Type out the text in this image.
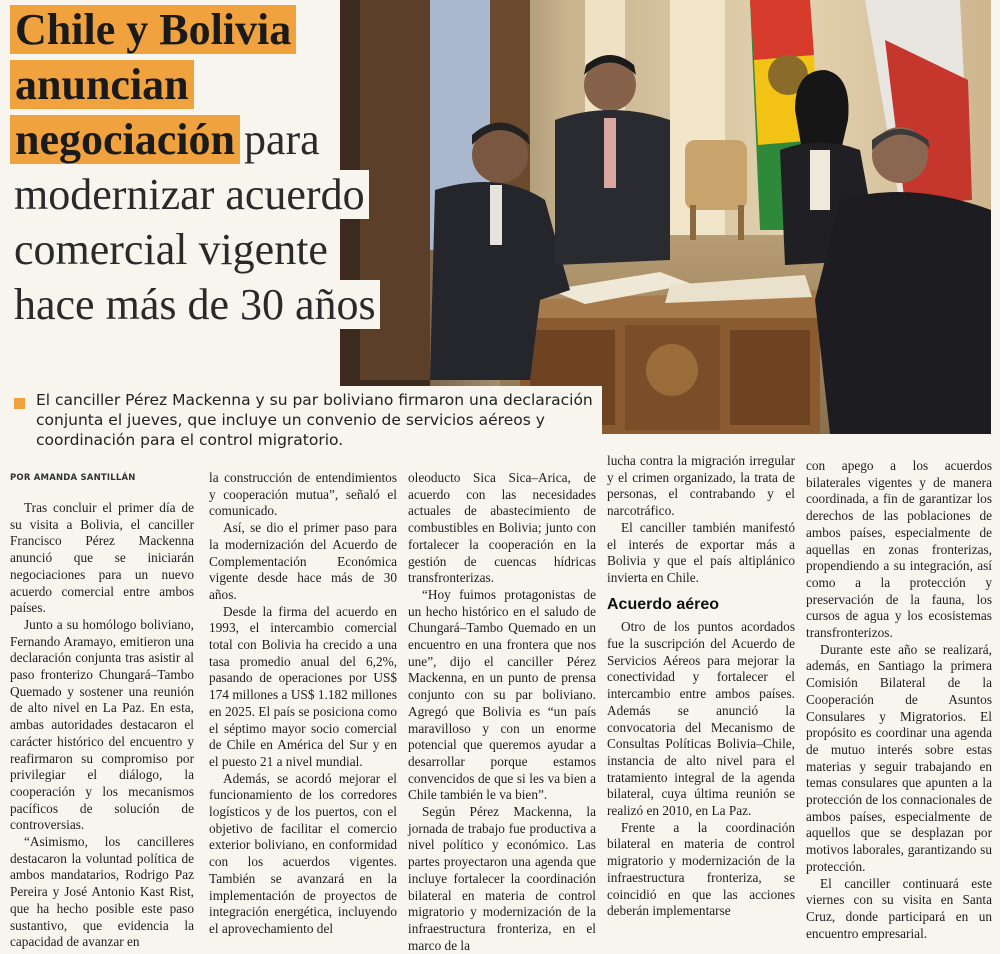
Chile y Bolivia
anuncian
negociación para
modernizar acuerdo
comercial vigente
hace más de 30 años

El canciller Pérez Mackenna y su par boliviano firmaron una declaración conjunta el jueves, que incluye un convenio de servicios aéreos y coordinación para el control migratorio.

POR AMANDA SANTILLÁN

Tras concluir el primer día de su visita a Bolivia, el canciller Francisco Pérez Mackenna anunció que se iniciarán negociaciones para un nuevo acuerdo comercial entre ambos países.

Junto a su homólogo boliviano, Fernando Aramayo, emitieron una declaración conjunta tras asistir al paso fronterizo Chungará–Tambo Quemado y sostener una reunión de alto nivel en La Paz. En esta, ambas autoridades destacaron el carácter histórico del encuentro y reafirmaron su compromiso por privilegiar el diálogo, la cooperación y los mecanismos pacíficos de solución de controversias.

“Asimismo, los cancilleres destacaron la voluntad política de ambos mandatarios, Rodrigo Paz Pereira y José Antonio Kast Rist, que ha hecho posible este paso sustantivo, que evidencia la capacidad de avanzar en

la construcción de entendimientos y cooperación mutua”, señaló el comunicado.

Así, se dio el primer paso para la modernización del Acuerdo de Complementación Económica vigente desde hace más de 30 años.

Desde la firma del acuerdo en 1993, el intercambio comercial total con Bolivia ha crecido a una tasa promedio anual del 6,2%, pasando de operaciones por US$ 174 millones a US$ 1.182 millones en 2025. El país se posiciona como el séptimo mayor socio comercial de Chile en América del Sur y en el puesto 21 a nivel mundial.

Además, se acordó mejorar el funcionamiento de los corredores logísticos y de los puertos, con el objetivo de facilitar el comercio exterior boliviano, en conformidad con los acuerdos vigentes. También se avanzará en la implementación de proyectos de integración energética, incluyendo el aprovechamiento del

oleoducto Sica Sica–Arica, de acuerdo con las necesidades actuales de abastecimiento de combustibles en Bolivia; junto con fortalecer la cooperación en la gestión de cuencas hídricas transfronterizas.

“Hoy fuimos protagonistas de un hecho histórico en el saludo de Chungará–Tambo Quemado en un encuentro en una frontera que nos une”, dijo el canciller Pérez Mackenna, en un punto de prensa conjunto con su par boliviano. Agregó que Bolivia es “un país maravilloso y con un enorme potencial que queremos ayudar a desarrollar porque estamos convencidos de que si les va bien a Chile también le va bien”.

Según Pérez Mackenna, la jornada de trabajo fue productiva a nivel político y económico. Las partes proyectaron una agenda que incluye fortalecer la coordinación bilateral en materia de control migratorio y modernización de la infraestructura fronteriza, en el marco de la

lucha contra la migración irregular y el crimen organizado, la trata de personas, el contrabando y el narcotráfico.

El canciller también manifestó el interés de exportar más a Bolivia y que el país altiplánico invierta en Chile.

Acuerdo aéreo

Otro de los puntos acordados fue la suscripción del Acuerdo de Servicios Aéreos para mejorar la conectividad y fortalecer el intercambio entre ambos países. Además se anunció la convocatoria del Mecanismo de Consultas Políticas Bolivia–Chile, instancia de alto nivel para el tratamiento integral de la agenda bilateral, cuya última reunión se realizó en 2010, en La Paz.

Frente a la coordinación bilateral en materia de control migratorio y modernización de la infraestructura fronteriza, se coincidió en que las acciones deberán implementarse

con apego a los acuerdos bilaterales vigentes y de manera coordinada, a fin de garantizar los derechos de las poblaciones de ambos países, especialmente de aquellas en zonas fronterizas, propendiendo a su integración, así como a la protección y preservación de la fauna, los cursos de agua y los ecosistemas transfronterizos.

Durante este año se realizará, además, en Santiago la primera Comisión Bilateral de la Cooperación de Asuntos Consulares y Migratorios. El propósito es coordinar una agenda de mutuo interés sobre estas materias y seguir trabajando en temas consulares que apunten a la protección de los connacionales de ambos países, especialmente de aquellos que se desplazan por motivos laborales, garantizando su protección.

El canciller continuará este viernes con su visita en Santa Cruz, donde participará en un encuentro empresarial.
